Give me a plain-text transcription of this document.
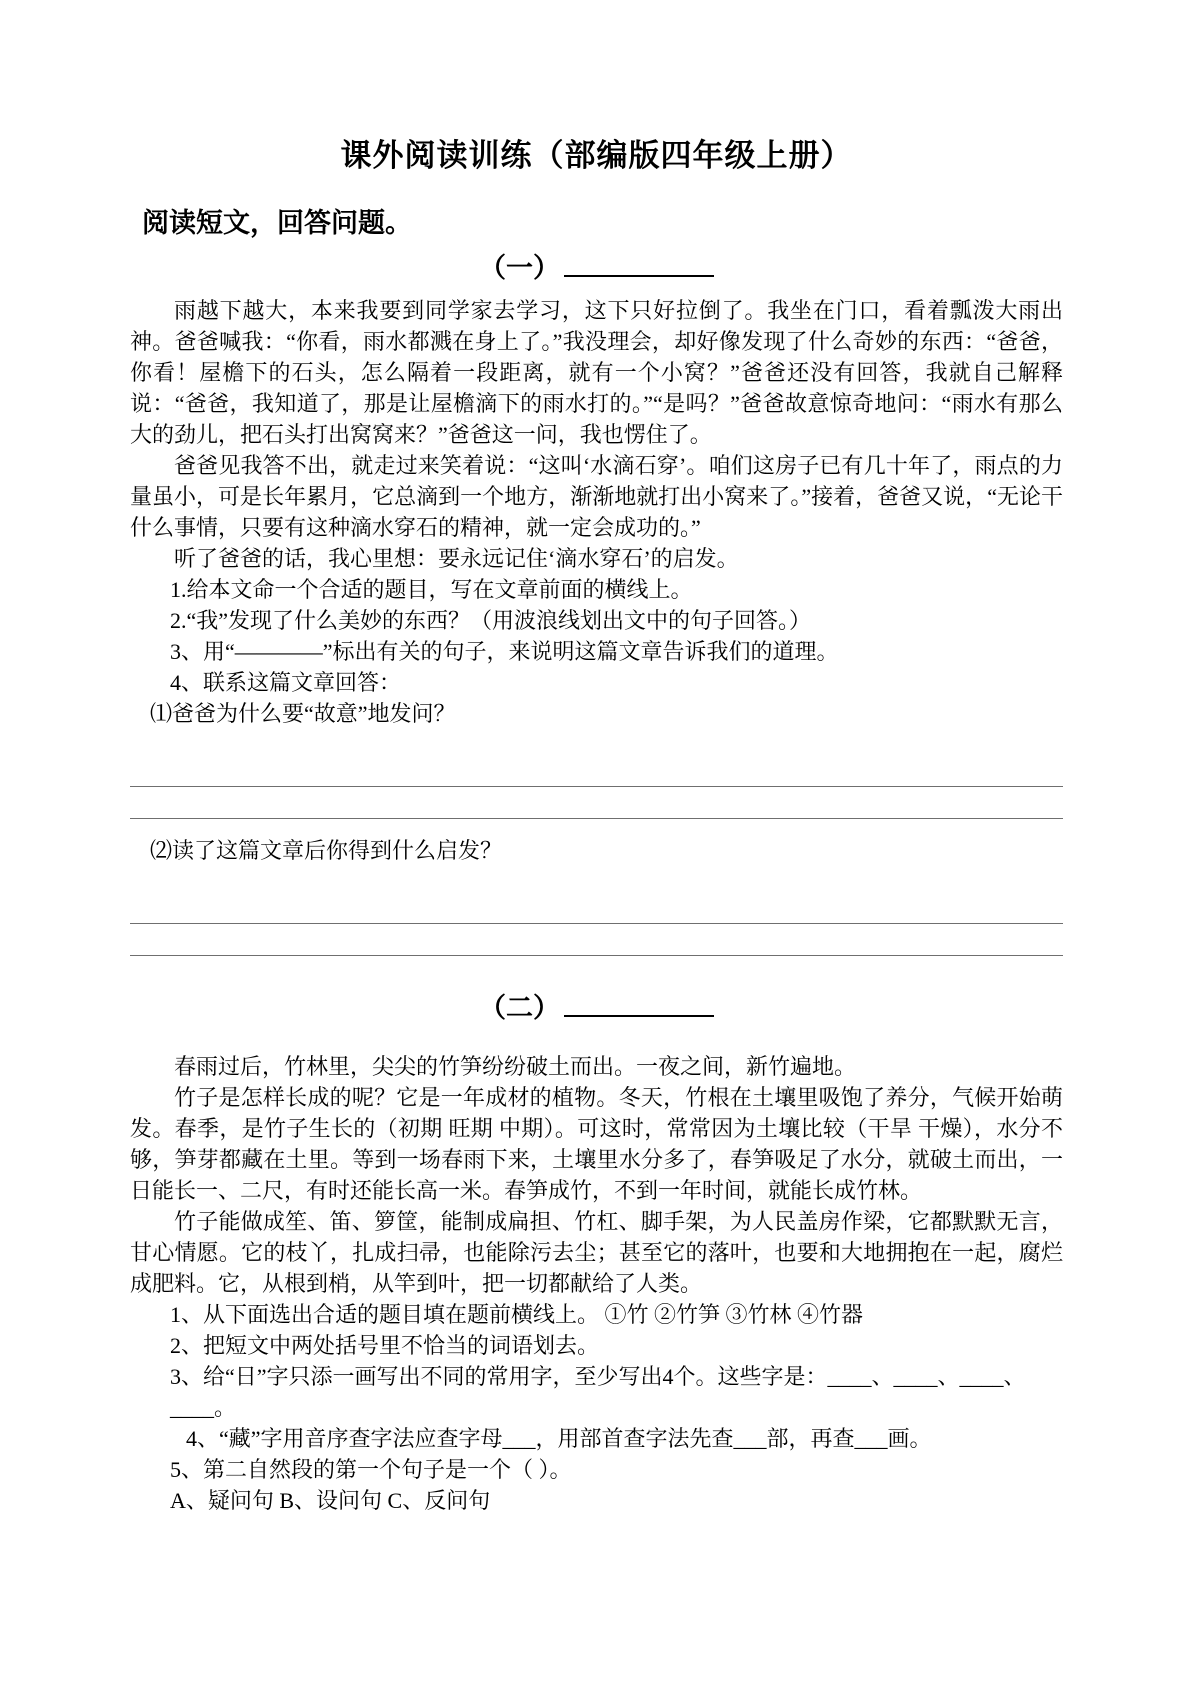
课外阅读训练（部编版四年级上册）
阅读短文，回答问题。
（一）

雨越下越大，本来我要到同学家去学习，这下只好拉倒了。我坐在门口，看着瓢泼大雨出神。爸爸喊我：“你看，雨水都溅在身上了。”我没理会，却好像发现了什么奇妙的东西：“爸爸，你看！屋檐下的石头，怎么隔着一段距离，就有一个小窝？”爸爸还没有回答，我就自己解释说：“爸爸，我知道了，那是让屋檐滴下的雨水打的。”“是吗？”爸爸故意惊奇地问：“雨水有那么大的劲儿，把石头打出窝窝来？”爸爸这一问，我也愣住了。

爸爸见我答不出，就走过来笑着说：“这叫‘水滴石穿’。咱们这房子已有几十年了，雨点的力量虽小，可是长年累月，它总滴到一个地方，渐渐地就打出小窝来了。”接着，爸爸又说，“无论干什么事情，只要有这种滴水穿石的精神，就一定会成功的。”

听了爸爸的话，我心里想：要永远记住‘滴水穿石’的启发。

1.给本文命一个合适的题目，写在文章前面的横线上。

2.“我”发现了什么美妙的东西？（用波浪线划出文中的句子回答。）

3、用“————”标出有关的句子，来说明这篇文章告诉我们的道理。

4、联系这篇文章回答：

⑴爸爸为什么要“故意”地发问？

⑵读了这篇文章后你得到什么启发？

（二）

春雨过后，竹林里，尖尖的竹笋纷纷破土而出。一夜之间，新竹遍地。

竹子是怎样长成的呢？它是一年成材的植物。冬天，竹根在土壤里吸饱了养分，气候开始萌发。春季，是竹子生长的（初期 旺期 中期）。可这时，常常因为土壤比较（干旱 干燥），水分不够，笋芽都藏在土里。等到一场春雨下来，土壤里水分多了，春笋吸足了水分，就破土而出，一日能长一、二尺，有时还能长高一米。春笋成竹，不到一年时间，就能长成竹林。

竹子能做成笙、笛、箩筐，能制成扁担、竹杠、脚手架，为人民盖房作梁，它都默默无言，甘心情愿。它的枝丫，扎成扫帚，也能除污去尘；甚至它的落叶，也要和大地拥抱在一起，腐烂成肥料。它，从根到梢，从竿到叶，把一切都献给了人类。

1、从下面选出合适的题目填在题前横线上。 ①竹 ②竹笋 ③竹林 ④竹器

2、把短文中两处括号里不恰当的词语划去。

3、给“日”字只添一画写出不同的常用字，至少写出4个。这些字是：____、____、____、____。

4、“藏”字用音序查字法应查字母___，用部首查字法先查___部，再查___画。

5、第二自然段的第一个句子是一个（ ）。

A、疑问句 B、设问句 C、反问句
